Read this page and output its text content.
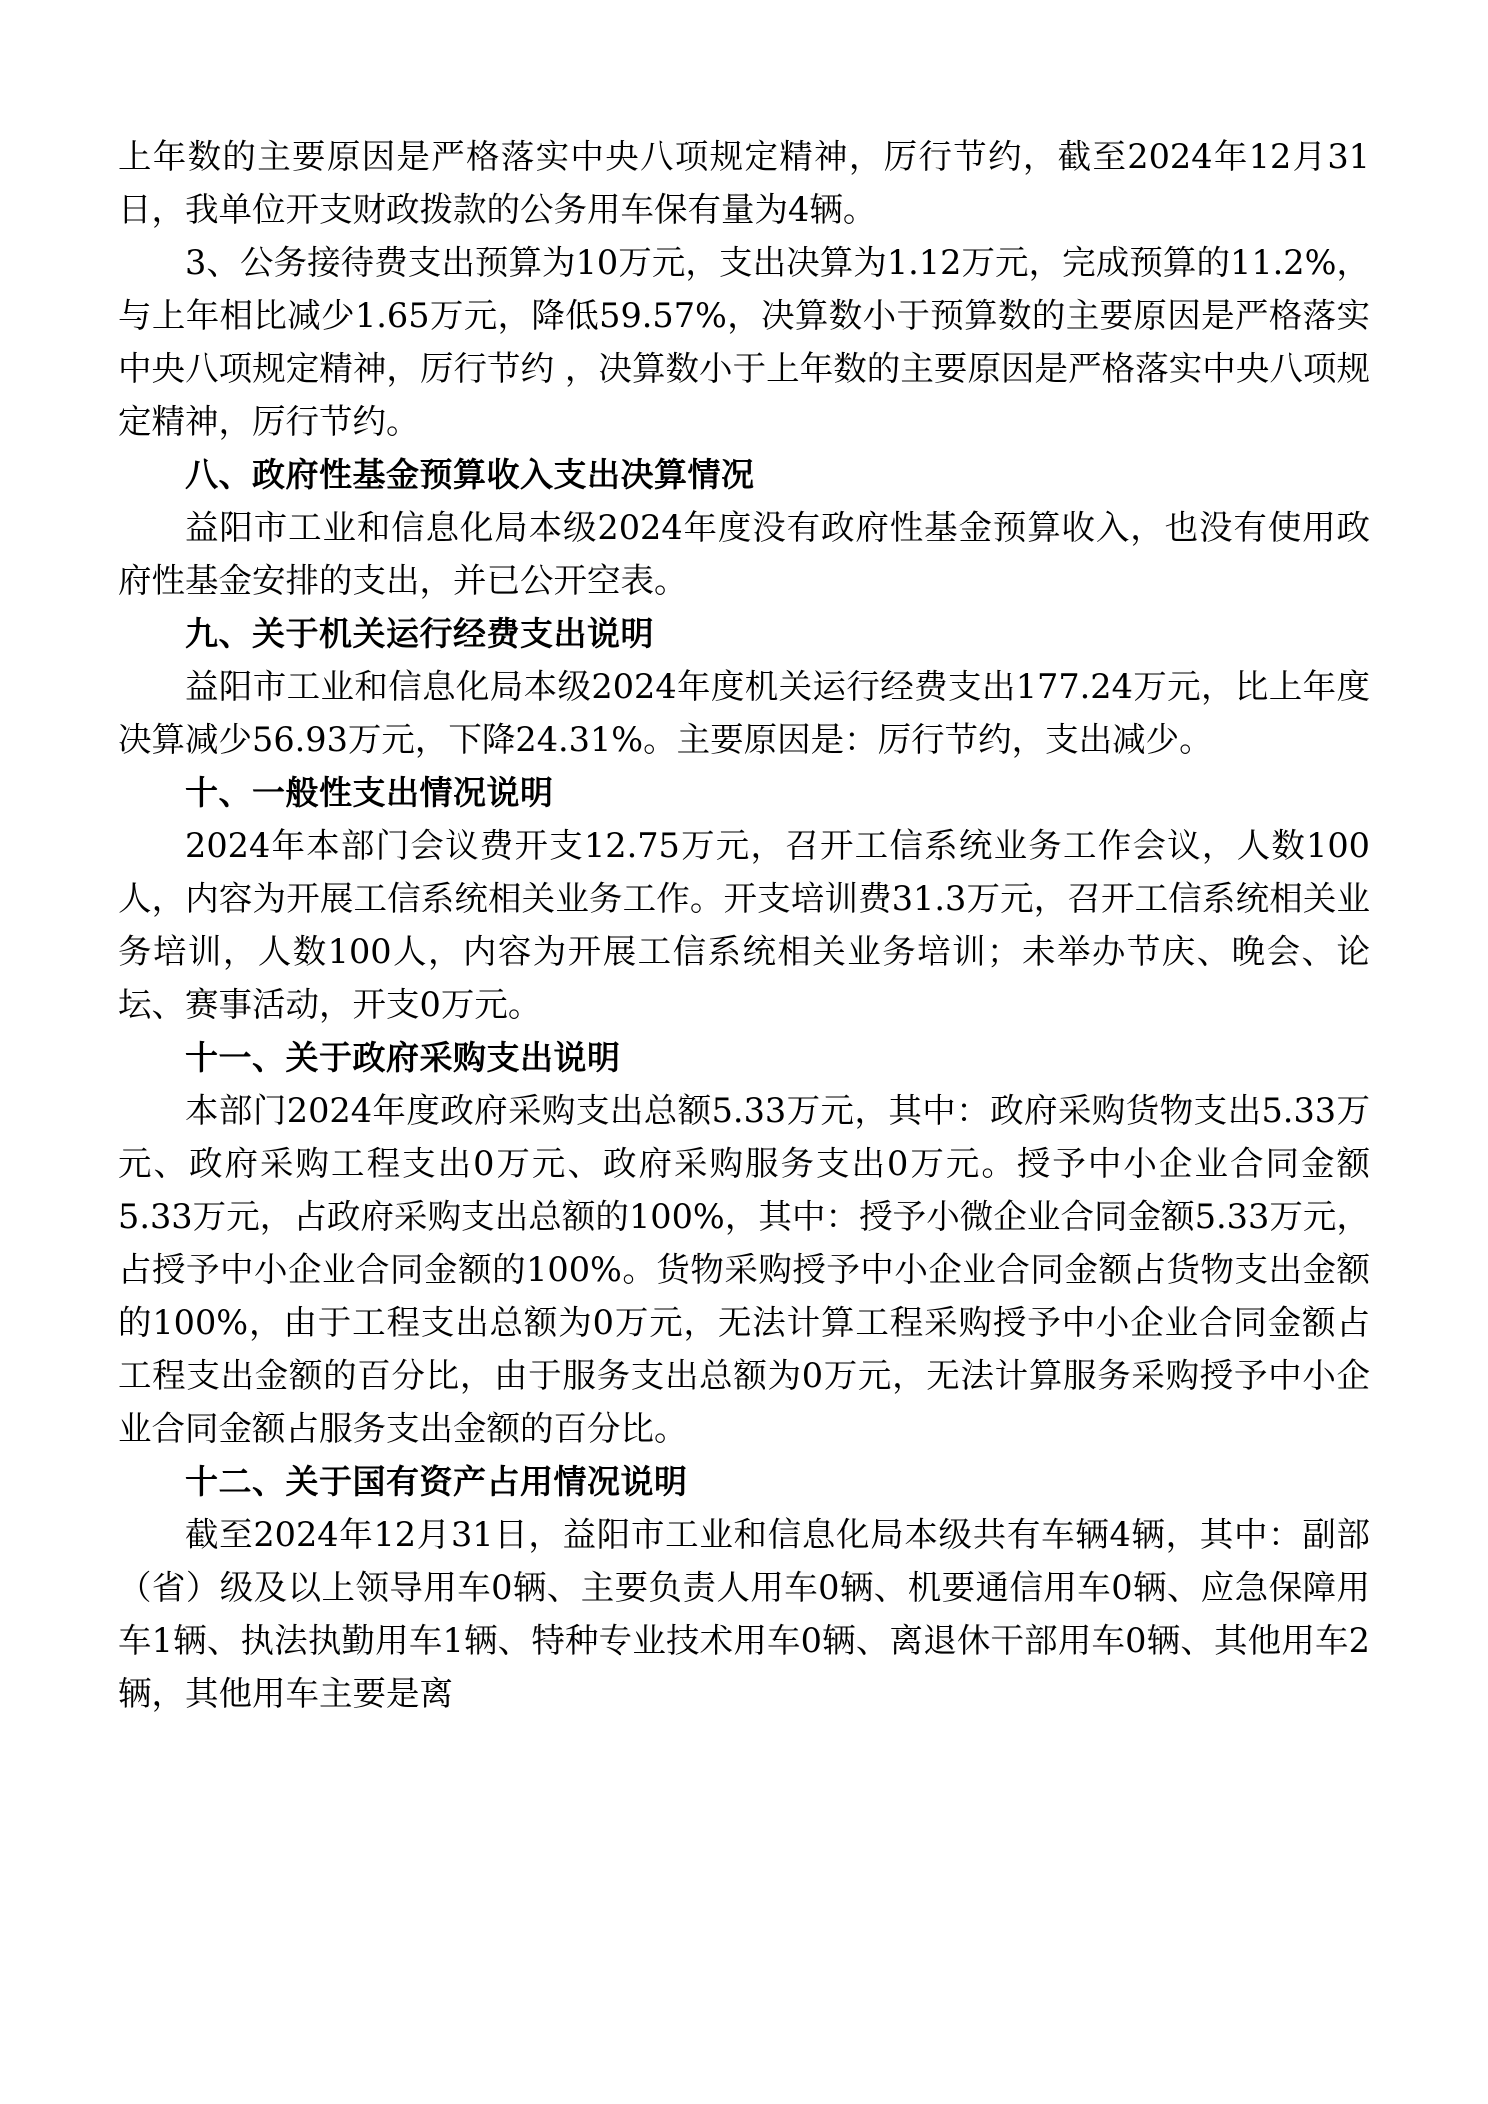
上年数的主要原因是严格落实中央八项规定精神，厉行节约，截至2024年12月31日，我单位开支财政拨款的公务用车保有量为4辆。

3、公务接待费支出预算为10万元，支出决算为1.12万元，完成预算的11.2%，与上年相比减少1.65万元，降低59.57%，决算数小于预算数的主要原因是严格落实中央八项规定精神，厉行节约 ，决算数小于上年数的主要原因是严格落实中央八项规定精神，厉行节约。

八、政府性基金预算收入支出决算情况

益阳市工业和信息化局本级2024年度没有政府性基金预算收入，也没有使用政府性基金安排的支出，并已公开空表。

九、关于机关运行经费支出说明

益阳市工业和信息化局本级2024年度机关运行经费支出177.24万元，比上年度决算减少56.93万元，下降24.31%。主要原因是：厉行节约，支出减少。

十、一般性支出情况说明

2024年本部门会议费开支12.75万元，召开工信系统业务工作会议，人数100人，内容为开展工信系统相关业务工作。开支培训费31.3万元，召开工信系统相关业务培训，人数100人，内容为开展工信系统相关业务培训；未举办节庆、晚会、论坛、赛事活动，开支0万元。

十一、关于政府采购支出说明

本部门2024年度政府采购支出总额5.33万元，其中：政府采购货物支出5.33万元、政府采购工程支出0万元、政府采购服务支出0万元。授予中小企业合同金额5.33万元，占政府采购支出总额的100%，其中：授予小微企业合同金额5.33万元，占授予中小企业合同金额的100%。货物采购授予中小企业合同金额占货物支出金额的100%，由于工程支出总额为0万元，无法计算工程采购授予中小企业合同金额占工程支出金额的百分比，由于服务支出总额为0万元，无法计算服务采购授予中小企业合同金额占服务支出金额的百分比。

十二、关于国有资产占用情况说明

截至2024年12月31日，益阳市工业和信息化局本级共有车辆4辆，其中：副部（省）级及以上领导用车0辆、主要负责人用车0辆、机要通信用车0辆、应急保障用车1辆、执法执勤用车1辆、特种专业技术用车0辆、离退休干部用车0辆、其他用车2辆，其他用车主要是离
